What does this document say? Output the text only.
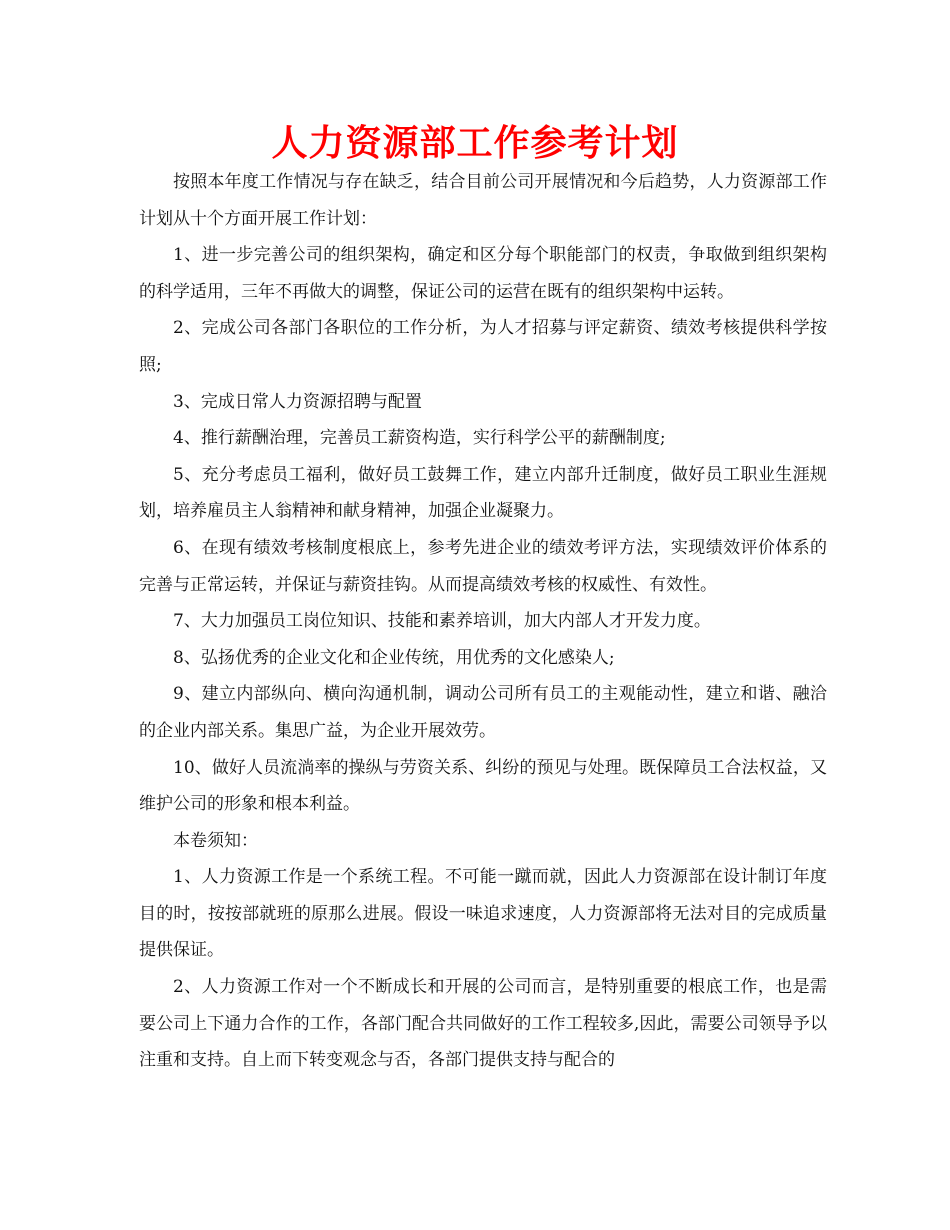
人力资源部工作参考计划

按照本年度工作情况与存在缺乏，结合目前公司开展情况和今后趋势，人力资源部工作计划从十个方面开展工作计划：

1、进一步完善公司的组织架构，确定和区分每个职能部门的权责，争取做到组织架构的科学适用，三年不再做大的调整，保证公司的运营在既有的组织架构中运转。

2、完成公司各部门各职位的工作分析，为人才招募与评定薪资、绩效考核提供科学按照;

3、完成日常人力资源招聘与配置

4、推行薪酬治理，完善员工薪资构造，实行科学公平的薪酬制度;

5、充分考虑员工福利，做好员工鼓舞工作，建立内部升迁制度，做好员工职业生涯规划，培养雇员主人翁精神和献身精神，加强企业凝聚力。

6、在现有绩效考核制度根底上，参考先进企业的绩效考评方法，实现绩效评价体系的完善与正常运转，并保证与薪资挂钩。从而提高绩效考核的权威性、有效性。

7、大力加强员工岗位知识、技能和素养培训，加大内部人才开发力度。

8、弘扬优秀的企业文化和企业传统，用优秀的文化感染人;

9、建立内部纵向、横向沟通机制，调动公司所有员工的主观能动性，建立和谐、融洽的企业内部关系。集思广益，为企业开展效劳。

10、做好人员流淌率的操纵与劳资关系、纠纷的预见与处理。既保障员工合法权益，又维护公司的形象和根本利益。

本卷须知：

1、人力资源工作是一个系统工程。不可能一蹴而就，因此人力资源部在设计制订年度目的时，按按部就班的原那么进展。假设一味追求速度，人力资源部将无法对目的完成质量提供保证。

2、人力资源工作对一个不断成长和开展的公司而言，是特别重要的根底工作，也是需要公司上下通力合作的工作，各部门配合共同做好的工作工程较多,因此，需要公司领导予以注重和支持。自上而下转变观念与否，各部门提供支持与配合的
